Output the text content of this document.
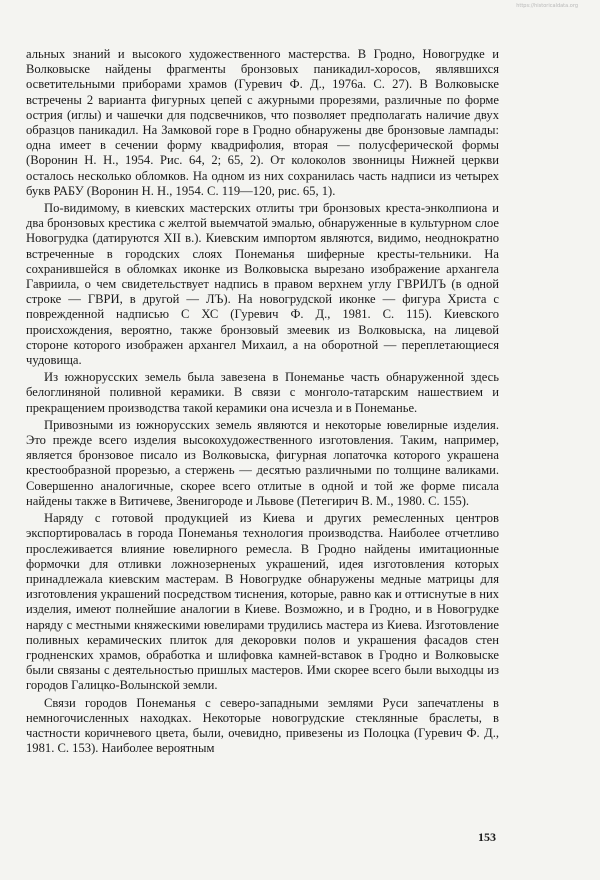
https://historicaldata.org

альных знаний и высокого художественного мастерства. В Гродно, Новогрудке и Волковыске найдены фрагменты бронзовых паникадил-хоросов, являвшихся осветительными приборами храмов (Гуревич Ф. Д., 1976а. С. 27). В Волковыске встречены 2 варианта фигурных цепей с ажурными прорезями, различные по форме острия (иглы) и чашечки для подсвечников, что позволяет предполагать наличие двух образцов паникадил. На Замковой горе в Гродно обнаружены две бронзовые лампады: одна имеет в сечении форму квадрифолия, вторая — полусферической формы (Воронин Н. Н., 1954. Рис. 64, 2; 65, 2). От колоколов звонницы Нижней церкви осталось несколько обломков. На одном из них сохранилась часть надписи из четырех букв РАБУ (Воронин Н. Н., 1954. С. 119—120, рис. 65, 1).

По-видимому, в киевских мастерских отлиты три бронзовых креста-энколпиона и два бронзовых крестика с желтой выемчатой эмалью, обнаруженные в культурном слое Новогрудка (датируются XII в.). Киевским импортом являются, видимо, неоднократно встреченные в городских слоях Понеманья шиферные кресты-тельники. На сохранившейся в обломках иконке из Волковыска вырезано изображение архангела Гавриила, о чем свидетельствует надпись в правом верхнем углу ГВРИЛЪ (в одной строке — ГВРИ, в другой — ЛЪ). На новогрудской иконке — фигура Христа с поврежденной надписью С ХС (Гуревич Ф. Д., 1981. С. 115). Киевского происхождения, вероятно, также бронзовый змеевик из Волковыска, на лицевой стороне которого изображен архангел Михаил, а на оборотной — переплетающиеся чудовища.

Из южнорусских земель была завезена в Понеманье часть обнаруженной здесь белоглиняной поливной керамики. В связи с монголо-татарским нашествием и прекращением производства такой керамики она исчезла и в Понеманье.

Привозными из южнорусских земель являются и некоторые ювелирные изделия. Это прежде всего изделия высокохудожественного изготовления. Таким, например, является бронзовое писало из Волковыска, фигурная лопаточка которого украшена крестообразной прорезью, а стержень — десятью различными по толщине валиками. Совершенно аналогичные, скорее всего отлитые в одной и той же форме писала найдены также в Витичеве, Звенигороде и Львове (Петегирич В. М., 1980. С. 155).

Наряду с готовой продукцией из Киева и других ремесленных центров экспортировалась в города Понеманья технология производства. Наиболее отчетливо прослеживается влияние ювелирного ремесла. В Гродно найдены имитационные формочки для отливки ложнозерненых украшений, идея изготовления которых принадлежала киевским мастерам. В Новогрудке обнаружены медные матрицы для изготовления украшений посредством тиснения, которые, равно как и оттиснутые в них изделия, имеют полнейшие аналогии в Киеве. Возможно, и в Гродно, и в Новогрудке наряду с местными княжескими ювелирами трудились мастера из Киева. Изготовление поливных керамических плиток для декоровки полов и украшения фасадов стен гродненских храмов, обработка и шлифовка камней-вставок в Гродно и Волковыске были связаны с деятельностью пришлых мастеров. Ими скорее всего были выходцы из городов Галицко-Волынской земли.

Связи городов Понеманья с северо-западными землями Руси запечатлены в немногочисленных находках. Некоторые новогрудские стеклянные браслеты, в частности коричневого цвета, были, очевидно, привезены из Полоцка (Гуревич Ф. Д., 1981. С. 153). Наиболее вероятным

153
